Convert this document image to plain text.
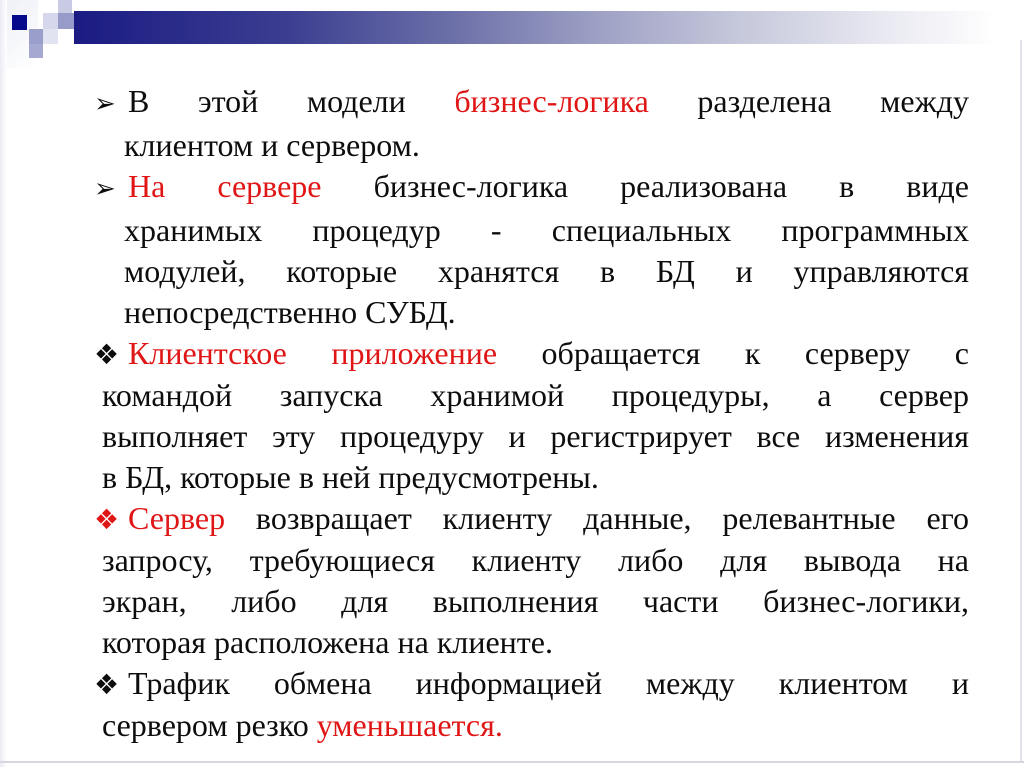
➢ В этой модели бизнес-логика разделена между
клиентом и сервером.
➢ На сервере бизнес-логика реализована в виде
хранимых процедур - специальных программных
модулей, которые хранятся в БД и управляются
непосредственно СУБД.
❖ Клиентское приложение обращается к серверу с
командой запуска хранимой процедуры, а сервер
выполняет эту процедуру и регистрирует все изменения
в БД, которые в ней предусмотрены.
❖ Сервер возвращает клиенту данные, релевантные его
запросу, требующиеся клиенту либо для вывода на
экран, либо для выполнения части бизнес-логики,
которая расположена на клиенте.
❖ Трафик обмена информацией между клиентом и
сервером резко уменьшается.
